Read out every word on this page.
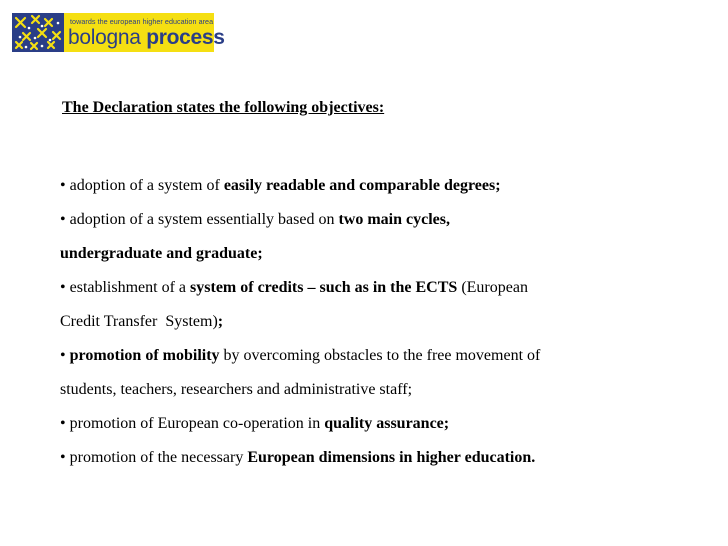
towards the european higher education area
bologna process
The Declaration states the following objectives:
• adoption of a system of easily readable and comparable degrees;
• adoption of a system essentially based on two main cycles,
undergraduate and graduate;
• establishment of a system of credits – such as in the ECTS (European
Credit Transfer  System);
• promotion of mobility by overcoming obstacles to the free movement of
students, teachers, researchers and administrative staff;
• promotion of European co-operation in quality assurance;
• promotion of the necessary European dimensions in higher education.
